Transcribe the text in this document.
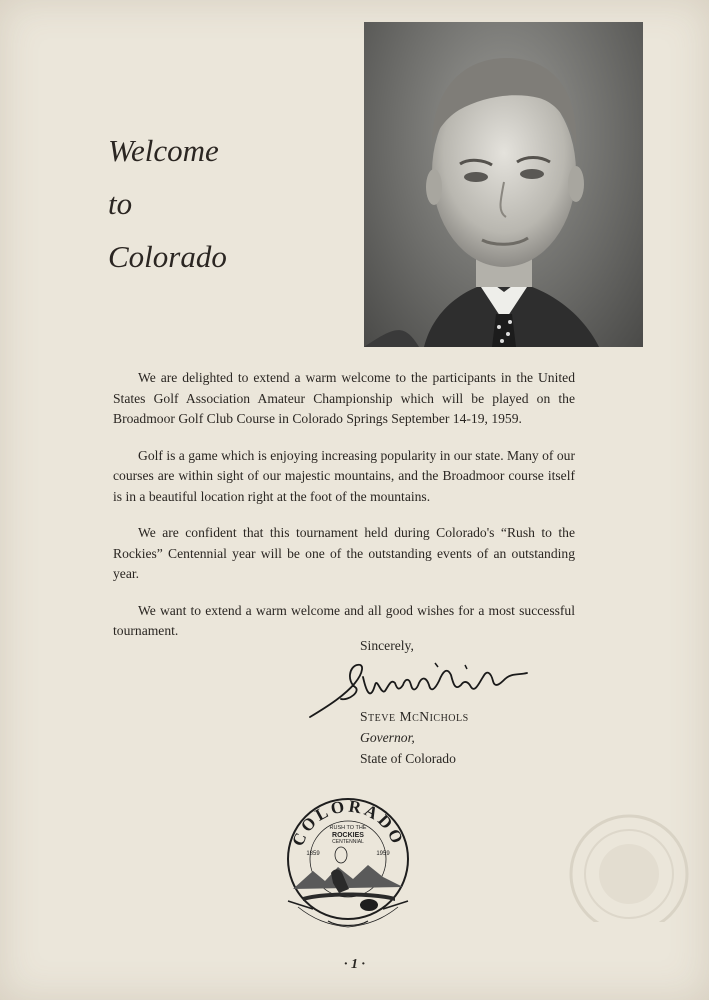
Welcome
to
Colorado

We are delighted to extend a warm welcome to the participants in the United States Golf Association Amateur Championship which will be played on the Broadmoor Golf Club Course in Colorado Springs September 14-19, 1959.

Golf is a game which is enjoying increasing popularity in our state. Many of our courses are within sight of our majestic mountains, and the Broadmoor course itself is in a beautiful location right at the foot of the mountains.

We are confident that this tournament held during Colorado's “Rush to the Rockies” Centennial year will be one of the outstanding events of an outstanding year.

We want to extend a warm welcome and all good wishes for a most successful tournament.

Sincerely,
Steve McNichols
Governor,
State of Colorado
COLORADO
RUSH TO THE
ROCKIES
CENTENNIAL
1859	1959
· 1 ·
